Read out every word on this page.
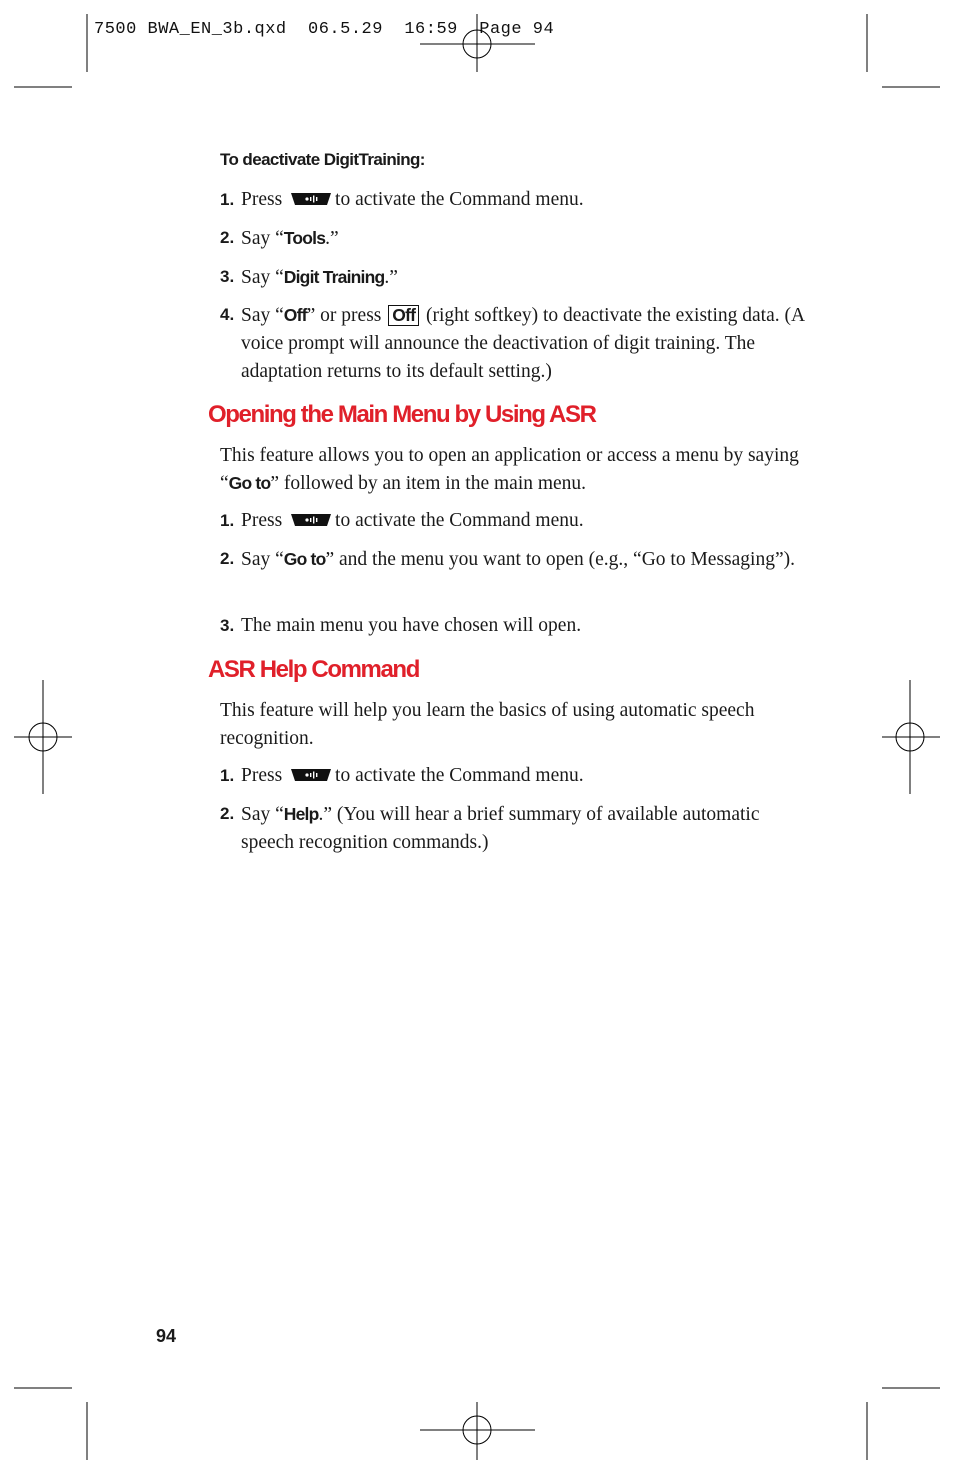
7500 BWA_EN_3b.qxd  06.5.29  16:59  Page 94
To deactivate DigitTraining:
1. Press	to activate the Command menu.
2. Say “Tools.”
3. Say “Digit Training.”
4. Say “Off” or press Off (right softkey) to deactivate the existing data. (A voice prompt will announce the deactivation of digit training. The adaptation returns to its default setting.)
Opening the Main Menu by Using ASR
This feature allows you to open an application or access a menu by saying “Go to” followed by an item in the main menu.
1. Press	to activate the Command menu.
2. Say “Go to” and the menu you want to open (e.g., “Go to Messaging”).
3. The main menu you have chosen will open.
ASR Help Command
This feature will help you learn the basics of using automatic speech recognition.
1. Press	to activate the Command menu.
2. Say “Help.” (You will hear a brief summary of available automatic speech recognition commands.)
94
